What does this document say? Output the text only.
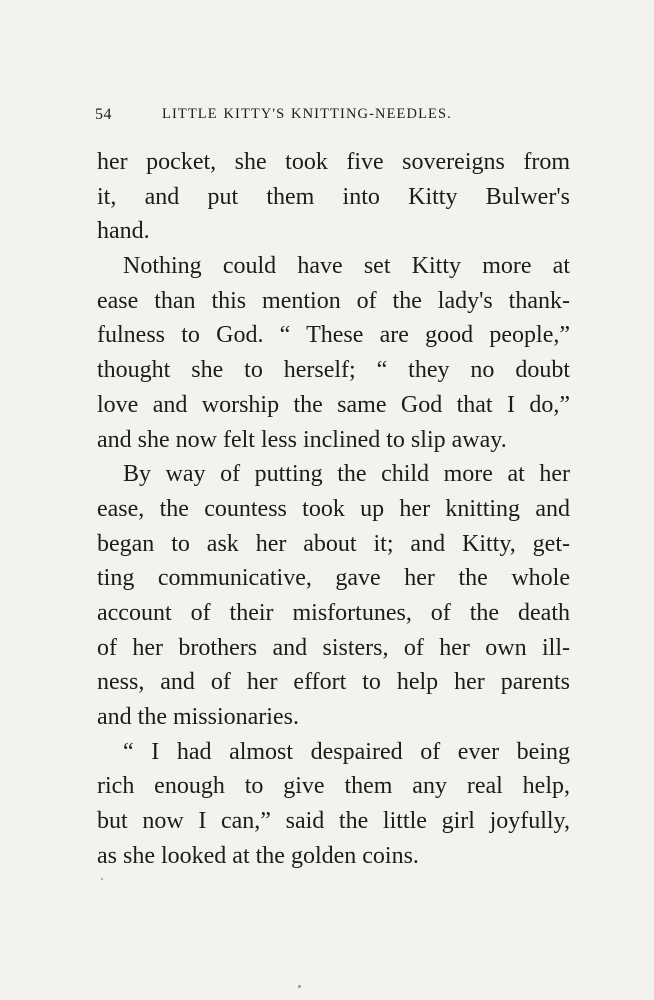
54	LITTLE KITTY'S KNITTING-NEEDLES.
her pocket, she took five sovereigns from
it, and put them into Kitty Bulwer's
hand.
Nothing could have set Kitty more at
ease than this mention of the lady's thank-
fulness to God. “ These are good people,”
thought she to herself; “ they no doubt
love and worship the same God that I do,”
and she now felt less inclined to slip away.
By way of putting the child more at her
ease, the countess took up her knitting and
began to ask her about it; and Kitty, get-
ting communicative, gave her the whole
account of their misfortunes, of the death
of her brothers and sisters, of her own ill-
ness, and of her effort to help her parents
and the missionaries.
“ I had almost despaired of ever being
rich enough to give them any real help,
but now I can,” said the little girl joyfully,
as she looked at the golden coins.
